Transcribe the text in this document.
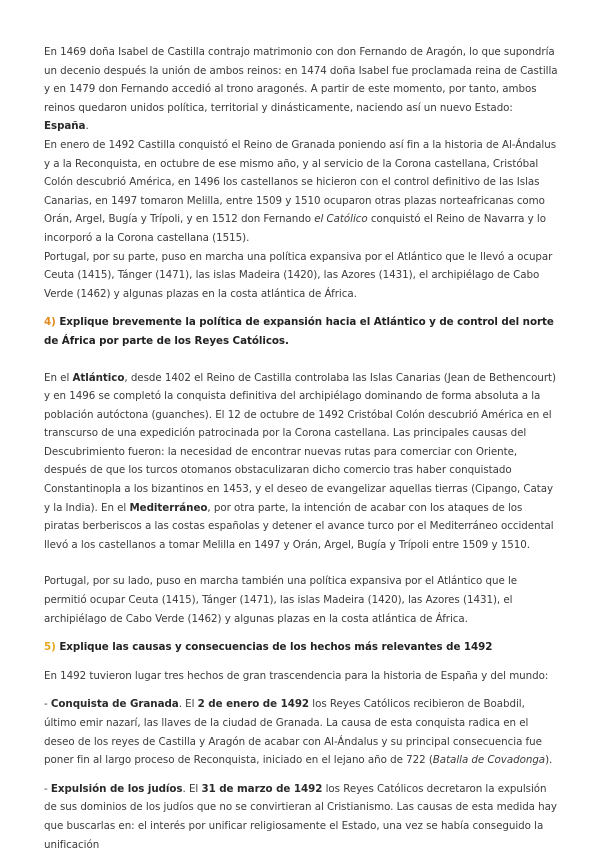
En 1469 doña Isabel de Castilla contrajo matrimonio con don Fernando de Aragón, lo que supondría un decenio después la unión de ambos reinos: en 1474 doña Isabel fue proclamada reina de Castilla y en 1479 don Fernando accedió al trono aragonés. A partir de este momento, por tanto, ambos reinos quedaron unidos política, territorial y dinásticamente, naciendo así un nuevo Estado: España.

En enero de 1492 Castilla conquistó el Reino de Granada poniendo así fin a la historia de Al-Ándalus y a la Reconquista, en octubre de ese mismo año, y al servicio de la Corona castellana, Cristóbal Colón descubrió América, en 1496 los castellanos se hicieron con el control definitivo de las Islas Canarias, en 1497 tomaron Melilla, entre 1509 y 1510 ocuparon otras plazas norteafricanas como Orán, Argel, Bugía y Trípoli, y en 1512 don Fernando el Católico conquistó el Reino de Navarra y lo incorporó a la Corona castellana (1515).

Portugal, por su parte, puso en marcha una política expansiva por el Atlántico que le llevó a ocupar Ceuta (1415), Tánger (1471), las islas Madeira (1420), las Azores (1431), el archipiélago de Cabo Verde (1462) y algunas plazas en la costa atlántica de África.

4) Explique brevemente la política de expansión hacia el Atlántico y de control del norte de África por parte de los Reyes Católicos.

En el Atlántico, desde 1402 el Reino de Castilla controlaba las Islas Canarias (Jean de Bethencourt) y en 1496 se completó la conquista definitiva del archipiélago dominando de forma absoluta a la población autóctona (guanches). El 12 de octubre de 1492 Cristóbal Colón descubrió América en el transcurso de una expedición patrocinada por la Corona castellana. Las principales causas del Descubrimiento fueron: la necesidad de encontrar nuevas rutas para comerciar con Oriente, después de que los turcos otomanos obstaculizaran dicho comercio tras haber conquistado Constantinopla a los bizantinos en 1453, y el deseo de evangelizar aquellas tierras (Cipango, Catay y la India). En el Mediterráneo, por otra parte, la intención de acabar con los ataques de los piratas berberiscos a las costas españolas y detener el avance turco por el Mediterráneo occidental llevó a los castellanos a tomar Melilla en 1497 y Orán, Argel, Bugía y Trípoli entre 1509 y 1510.

Portugal, por su lado, puso en marcha también una política expansiva por el Atlántico que le permitió ocupar Ceuta (1415), Tánger (1471), las islas Madeira (1420), las Azores (1431), el archipiélago de Cabo Verde (1462) y algunas plazas en la costa atlántica de África.

5) Explique las causas y consecuencias de los hechos más relevantes de 1492

En 1492 tuvieron lugar tres hechos de gran trascendencia para la historia de España y del mundo:

- Conquista de Granada. El 2 de enero de 1492 los Reyes Católicos recibieron de Boabdil, último emir nazarí, las llaves de la ciudad de Granada. La causa de esta conquista radica en el deseo de los reyes de Castilla y Aragón de acabar con Al-Ándalus y su principal consecuencia fue poner fin al largo proceso de Reconquista, iniciado en el lejano año de 722 (Batalla de Covadonga).

- Expulsión de los judíos. El 31 de marzo de 1492 los Reyes Católicos decretaron la expulsión de sus dominios de los judíos que no se convirtieran al Cristianismo. Las causas de esta medida hay que buscarlas en: el interés por unificar religiosamente el Estado, una vez se había conseguido la unificación
